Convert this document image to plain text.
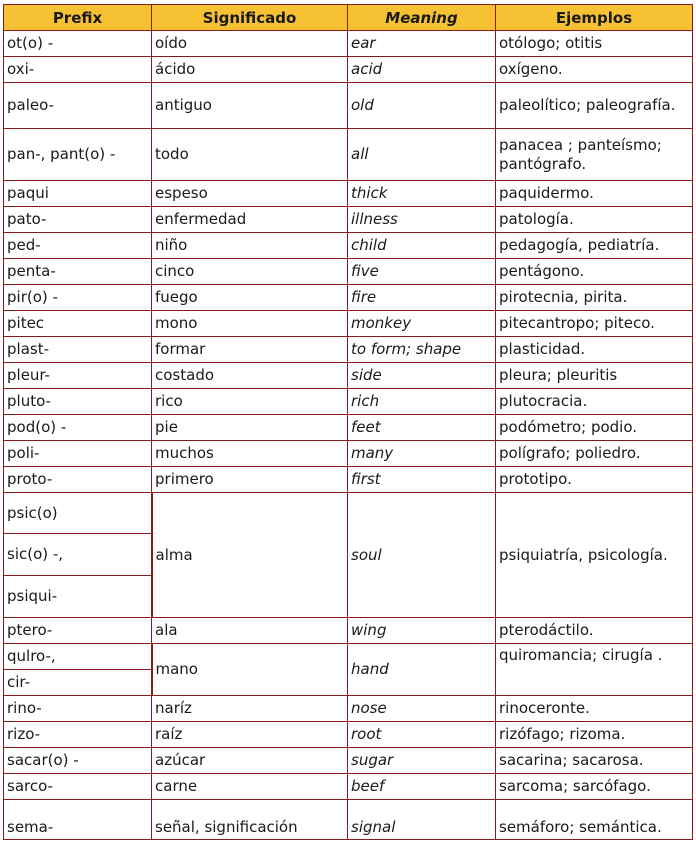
Prefix	Significado	Meaning	Ejemplos
ot(o) -	oído	ear	otólogo; otitis
oxi-	ácido	acid	oxígeno.
paleo-	antiguo	old	paleolítico; paleografía.
pan-, pant(o) -	todo	all	panacea ; panteísmo; pantógrafo.
paqui	espeso	thick	paquidermo.
pato-	enfermedad	illness	patología.
ped-	niño	child	pedagogía, pediatría.
penta-	cinco	five	pentágono.
pir(o) -	fuego	fire	pirotecnia, pirita.
pitec	mono	monkey	pitecantropo; piteco.
plast-	formar	to form; shape	plasticidad.
pleur-	costado	side	pleura; pleuritis
pluto-	rico	rich	plutocracia.
pod(o) -	pie	feet	podómetro; podio.
poli-	muchos	many	polígrafo; poliedro.
proto-	primero	first	prototipo.
psic(o)	alma	soul	psiquiatría, psicología.
sic(o) -,			
psiqui-			
ptero-	ala	wing	pterodáctilo.
qulro-,	mano	hand	quiromancia; cirugía .
cir-			
rino-	naríz	nose	rinoceronte.
rizo-	raíz	root	rizófago; rizoma.
sacar(o) -	azúcar	sugar	sacarina; sacarosa.
sarco-	carne	beef	sarcoma; sarcófago.
sema-	señal, significación	signal	semáforo; semántica.
